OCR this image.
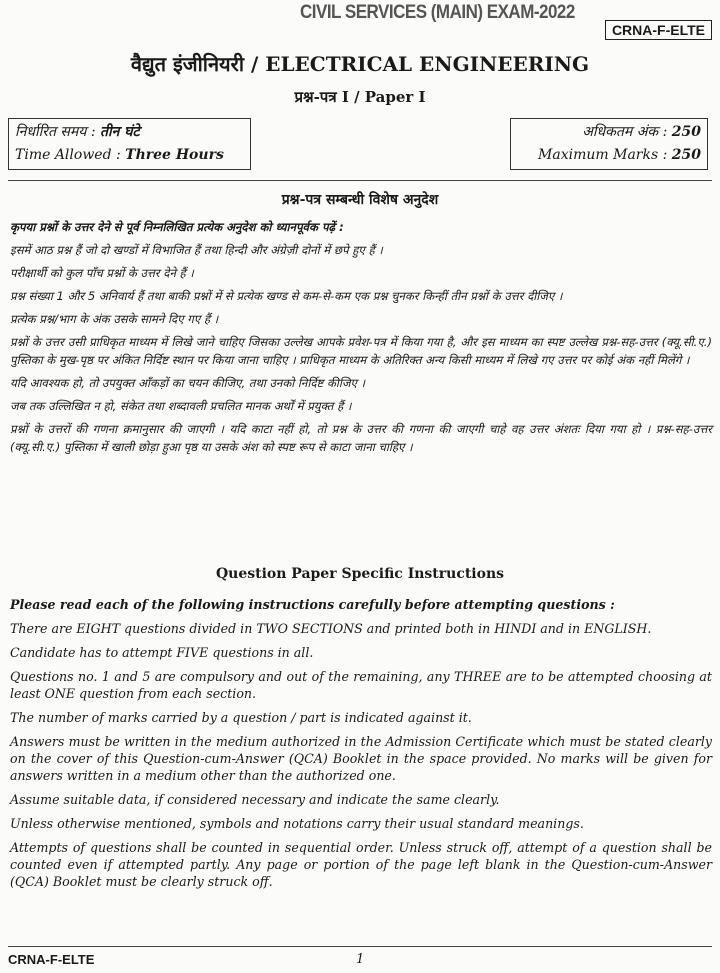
CIVIL SERVICES (MAIN) EXAM-2022
CRNA-F-ELTE
वैद्युत इंजीनियरी / ELECTRICAL ENGINEERING
प्रश्न-पत्र I / Paper I
निर्धारित समय : तीन घंटे
Time Allowed : Three Hours
अधिकतम अंक : 250
Maximum Marks : 250
प्रश्न-पत्र सम्बन्धी विशेष अनुदेश

कृपया प्रश्नों के उत्तर देने से पूर्व निम्नलिखित प्रत्येक अनुदेश को ध्यानपूर्वक पढ़ें :

इसमें आठ प्रश्न हैं जो दो खण्डों में विभाजित हैं तथा हिन्दी और अंग्रेज़ी दोनों में छपे हुए हैं ।

परीक्षार्थी को कुल पाँच प्रश्नों के उत्तर देने हैं ।

प्रश्न संख्या 1 और 5 अनिवार्य हैं तथा बाकी प्रश्नों में से प्रत्येक खण्ड से कम-से-कम एक प्रश्न चुनकर किन्हीं तीन प्रश्नों के उत्तर दीजिए ।

प्रत्येक प्रश्न/भाग के अंक उसके सामने दिए गए हैं ।

प्रश्नों के उत्तर उसी प्राधिकृत माध्यम में लिखे जाने चाहिए जिसका उल्लेख आपके प्रवेश-पत्र में किया गया है, और इस माध्यम का स्पष्ट उल्लेख प्रश्न-सह-उत्तर (क्यू.सी.ए.) पुस्तिका के मुख-पृष्ठ पर अंकित निर्दिष्ट स्थान पर किया जाना चाहिए । प्राधिकृत माध्यम के अतिरिक्त अन्य किसी माध्यम में लिखे गए उत्तर पर कोई अंक नहीं मिलेंगे ।

यदि आवश्यक हो, तो उपयुक्त आँकड़ों का चयन कीजिए, तथा उनको निर्दिष्ट कीजिए ।

जब तक उल्लिखित न हो, संकेत तथा शब्दावली प्रचलित मानक अर्थों में प्रयुक्त हैं ।

प्रश्नों के उत्तरों की गणना क्रमानुसार की जाएगी । यदि काटा नहीं हो, तो प्रश्न के उत्तर की गणना की जाएगी चाहे वह उत्तर अंशतः दिया गया हो । प्रश्न-सह-उत्तर (क्यू.सी.ए.) पुस्तिका में खाली छोड़ा हुआ पृष्ठ या उसके अंश को स्पष्ट रूप से काटा जाना चाहिए ।

Question Paper Specific Instructions

Please read each of the following instructions carefully before attempting questions :

There are EIGHT questions divided in TWO SECTIONS and printed both in HINDI and in ENGLISH.

Candidate has to attempt FIVE questions in all.

Questions no. 1 and 5 are compulsory and out of the remaining, any THREE are to be attempted choosing at least ONE question from each section.

The number of marks carried by a question / part is indicated against it.

Answers must be written in the medium authorized in the Admission Certificate which must be stated clearly on the cover of this Question-cum-Answer (QCA) Booklet in the space provided. No marks will be given for answers written in a medium other than the authorized one.

Assume suitable data, if considered necessary and indicate the same clearly.

Unless otherwise mentioned, symbols and notations carry their usual standard meanings.

Attempts of questions shall be counted in sequential order. Unless struck off, attempt of a question shall be counted even if attempted partly. Any page or portion of the page left blank in the Question-cum-Answer (QCA) Booklet must be clearly struck off.

CRNA-F-ELTE	1
